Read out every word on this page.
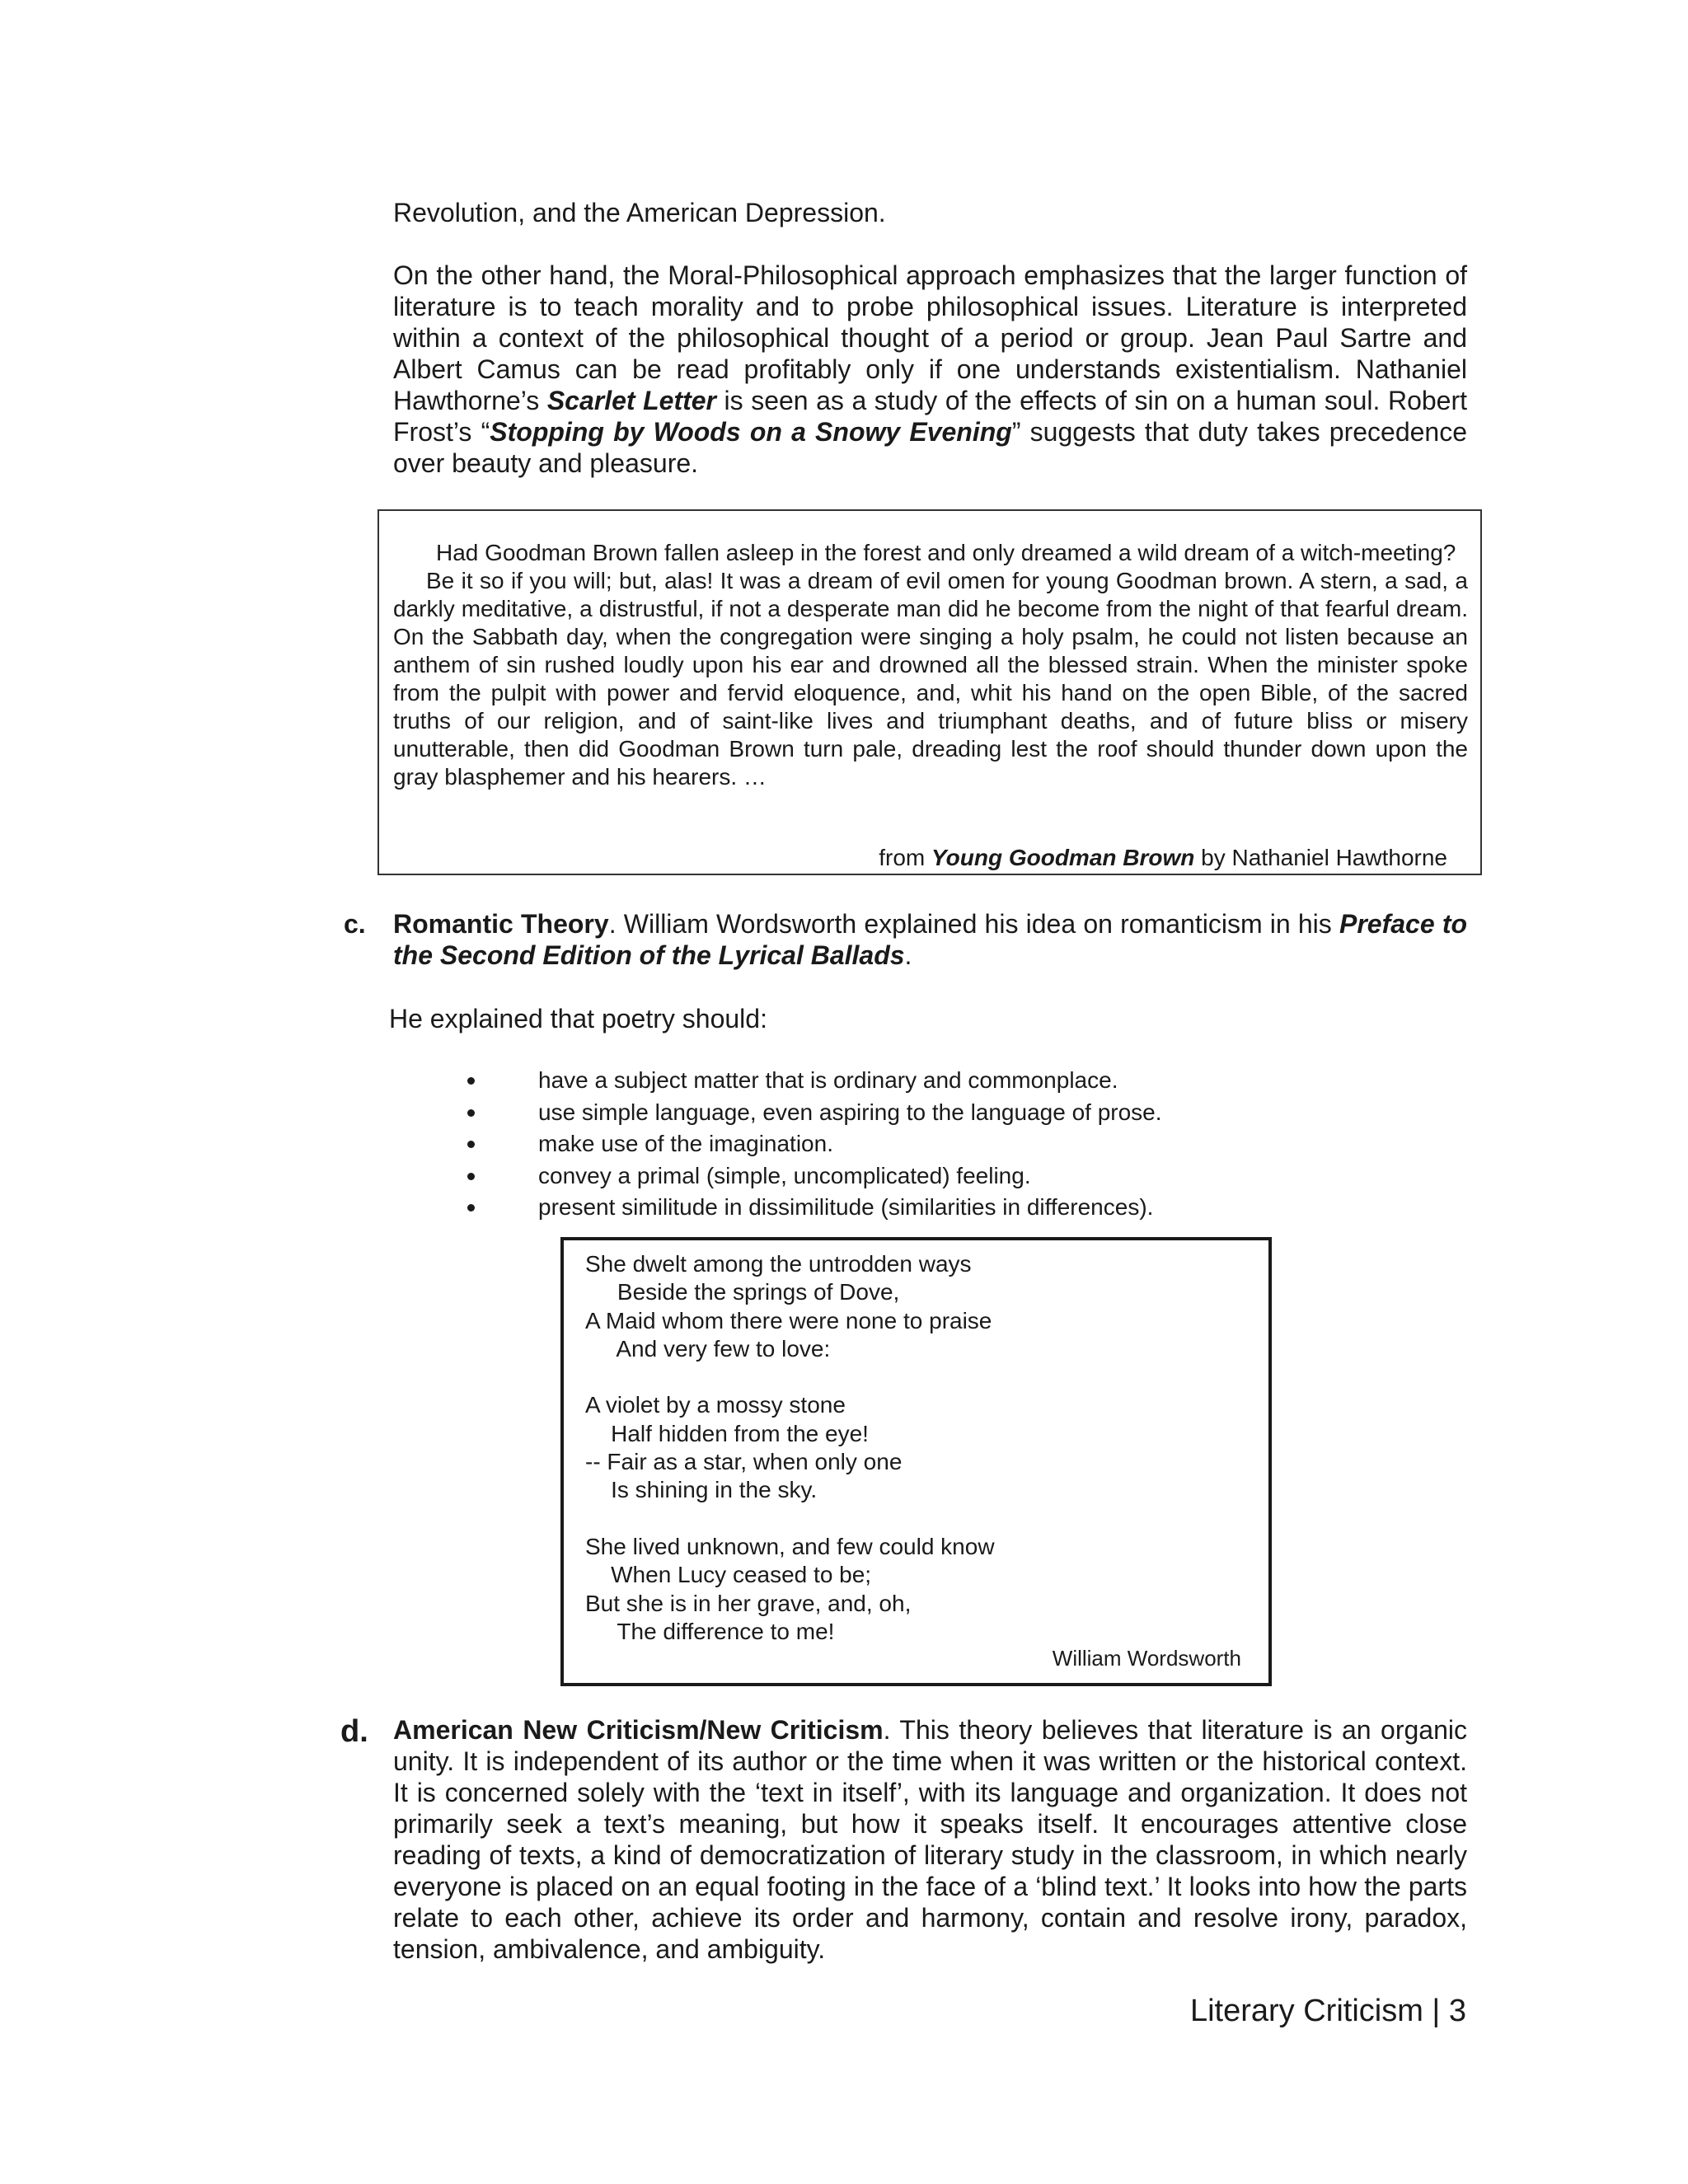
Revolution, and the American Depression.

On the other hand, the Moral-Philosophical approach emphasizes that the larger function of literature is to teach morality and to probe philosophical issues. Literature is interpreted within a context of the philosophical thought of a period or group. Jean Paul Sartre and Albert Camus can be read profitably only if one understands existentialism. Nathaniel Hawthorne’s Scarlet Letter is seen as a study of the effects of sin on a human soul. Robert Frost’s “Stopping by Woods on a Snowy Evening” suggests that duty takes precedence over beauty and pleasure.

Had Goodman Brown fallen asleep in the forest and only dreamed a wild dream of a witch-meeting?

Be it so if you will; but, alas! It was a dream of evil omen for young Goodman brown. A stern, a sad, a darkly meditative, a distrustful, if not a desperate man did he become from the night of that fearful dream. On the Sabbath day, when the congregation were singing a holy psalm, he could not listen because an anthem of sin rushed loudly upon his ear and drowned all the blessed strain. When the minister spoke from the pulpit with power and fervid eloquence, and, whit his hand on the open Bible, of the sacred truths of our religion, and of saint-like lives and triumphant deaths, and of future bliss or misery unutterable, then did Goodman Brown turn pale, dreading lest the roof should thunder down upon the gray blasphemer and his hearers. …

from Young Goodman Brown by Nathaniel Hawthorne
c. Romantic Theory. William Wordsworth explained his idea on romanticism in his Preface to the Second Edition of the Lyrical Ballads.

He explained that poetry should:
have a subject matter that is ordinary and commonplace.
use simple language, even aspiring to the language of prose.
make use of the imagination.
convey a primal (simple, uncomplicated) feeling.
present similitude in dissimilitude (similarities in differences).
She dwelt among the untrodden ways
Beside the springs of Dove,
A Maid whom there were none to praise
And very few to love:
A violet by a mossy stone
Half hidden from the eye!
-- Fair as a star, when only one
Is shining in the sky.
She lived unknown, and few could know
When Lucy ceased to be;
But she is in her grave, and, oh,
The difference to me!
William Wordsworth
d. American New Criticism/New Criticism. This theory believes that literature is an organic unity. It is independent of its author or the time when it was written or the historical context. It is concerned solely with the ‘text in itself’, with its language and organization. It does not primarily seek a text’s meaning, but how it speaks itself. It encourages attentive close reading of texts, a kind of democratization of literary study in the classroom, in which nearly everyone is placed on an equal footing in the face of a ‘blind text.’ It looks into how the parts relate to each other, achieve its order and harmony, contain and resolve irony, paradox, tension, ambivalence, and ambiguity.

Literary Criticism | 3
